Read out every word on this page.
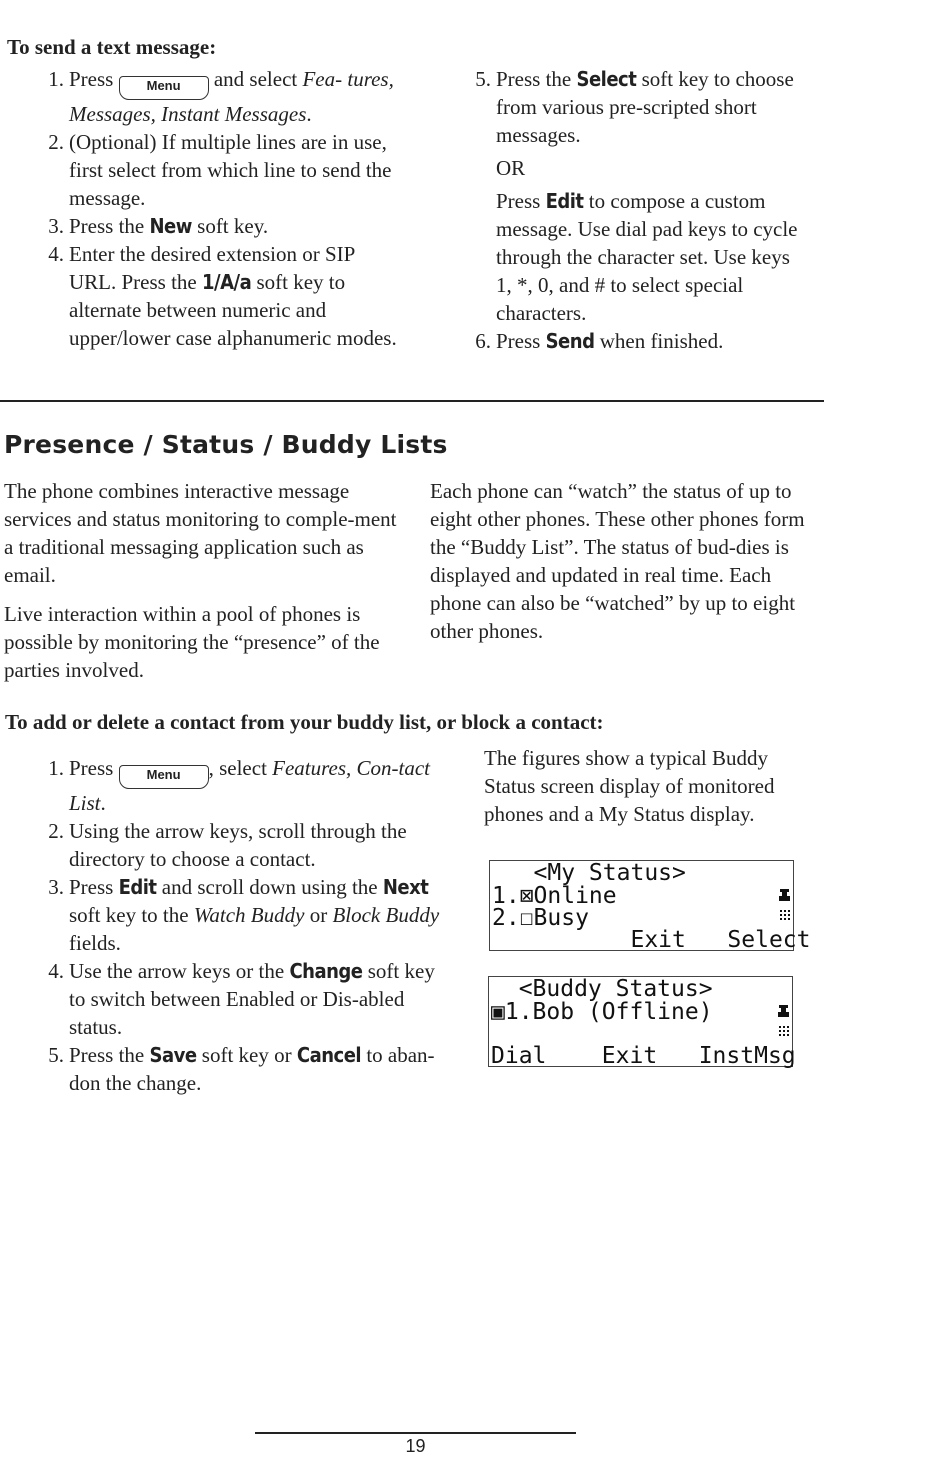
To send a text message:
1. Press	Menu and select Fea- tures, Messages, Instant Messages.
2. (Optional) If multiple lines are in use, first select from which line to send the message.
3. Press the New soft key.
4. Enter the desired extension or SIP URL. Press the 1/A/a soft key to alternate between numeric and upper/lower case alphanumeric modes.
5. Press the Select soft key to choose from various pre-scripted short messages.
OR
Press Edit to compose a custom message. Use dial pad keys to cycle through the character set. Use keys 1, *, 0, and # to select special characters.
6. Press Send when finished.
Presence / Status / Buddy Lists

The phone combines interactive message services and status monitoring to comple-ment a traditional messaging application such as email.

Live interaction within a pool of phones is possible by monitoring the “presence” of the parties involved.

Each phone can “watch” the status of up to eight other phones. These other phones form the “Buddy List”. The status of bud-dies is displayed and updated in real time. Each phone can also be “watched” by up to eight other phones.

To add or delete a contact from your buddy list, or block a contact:
1. Press	Menu , select Features, Con-tact List.
2. Using the arrow keys, scroll through the directory to choose a contact.
3. Press Edit and scroll down using the Next soft key to the Watch Buddy or Block Buddy fields.
4. Use the arrow keys or the Change soft key to switch between Enabled or Dis-abled status.
5. Press the Save soft key or Cancel to aban-don the change.
The figures show a typical Buddy Status screen display of monitored phones and a My Status display.

<My Status>

1.⊠Online

2.☐Busy

Exit   Select

<Buddy Status>

▣1.Bob (Offline)

Dial    Exit   InstMsg

19
